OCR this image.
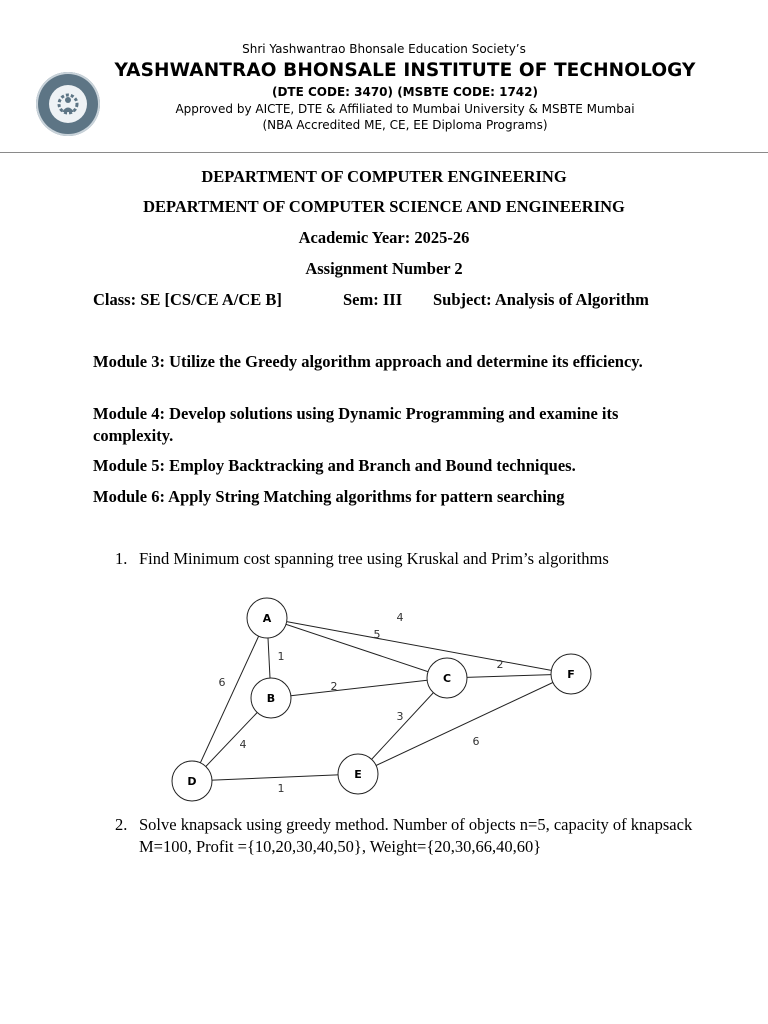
Shri Yashwantrao Bhonsale Education Society’s
YASHWANTRAO BHONSALE INSTITUTE OF TECHNOLOGY
(DTE CODE: 3470) (MSBTE CODE: 1742)
Approved by AICTE, DTE & Affiliated to Mumbai University & MSBTE Mumbai
(NBA Accredited ME, CE, EE Diploma Programs)
DEPARTMENT OF COMPUTER ENGINEERING
DEPARTMENT OF COMPUTER SCIENCE AND ENGINEERING
Academic Year: 2025-26
Assignment Number 2
Class: SE [CS/CE A/CE B]	Sem: III Subject: Analysis of Algorithm
Module 3: Utilize the Greedy algorithm approach and determine its efficiency.
Module 4: Develop solutions using Dynamic Programming and examine its complexity.
Module 5: Employ Backtracking and Branch and Bound techniques.
Module 6: Apply String Matching algorithms for pattern searching
1. Find Minimum cost spanning tree using Kruskal and Prim’s algorithms
4
5
1
6
2
2
4
3
6
1
A
B
C
D
E
F
2. Solve knapsack using greedy method. Number of objects n=5, capacity of knapsack M=100, Profit ={10,20,30,40,50}, Weight={20,30,66,40,60}
